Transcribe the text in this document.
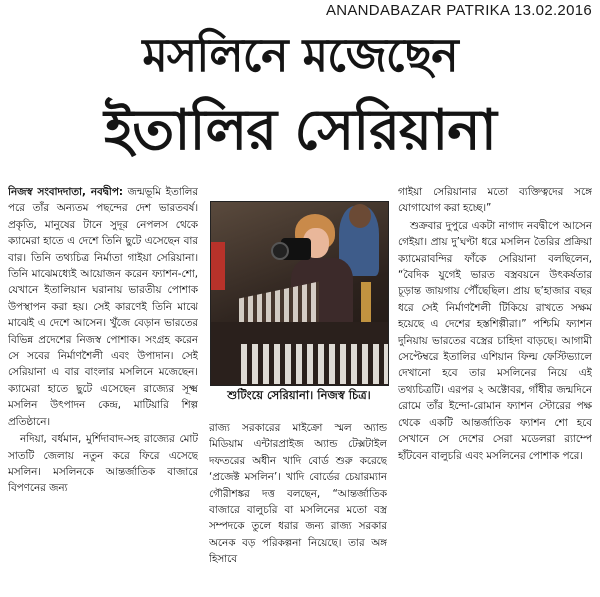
ANANDABAZAR PATRIKA 13.02.2016
মসলিনে মজেছেন
ইতালির সেরিয়ানা

নিজস্ব সংবাদদাতা, নবদ্বীপ: জন্মভূমি ইতালির পরে তাঁর অন্যতম পছন্দের দেশ ভারতবর্ষ। প্রকৃতি, মানুষের টানে সুদূর নেপলস থেকে ক্যামেরা হাতে এ দেশে তিনি ছুটে এসেছেন বার বার। তিনি তথ্যচিত্র নির্মাতা গাইয়া সেরিয়ানা। তিনি মাঝেমধ্যেই আয়োজন করেন ফ্যাশন-শো, যেখানে ইতালিয়ান ঘরানায় ভারতীয় পোশাক উপস্থাপন করা হয়। সেই কারণেই তিনি মাঝে মাঝেই এ দেশে আসেন। খুঁজে বেড়ান ভারতের বিভিন্ন প্রদেশের নিজস্ব পোশাক। সংগ্রহ করেন সে সবের নির্মাণশৈলী এবং উপাদান। সেই সেরিয়ানা এ বার বাংলার মসলিনে মজেছেন। ক্যামেরা হাতে ছুটে এসেছেন রাজ্যের সূক্ষ্ম মসলিন উৎপাদন কেন্দ্র, মাটিয়ারি শিল্প প্রতিষ্ঠানে।

নদিয়া, বর্ধমান, মুর্শিদাবাদ-সহ রাজ্যের মোট সাতটি জেলায় নতুন করে ফিরে এসেছে মসলিন। মসলিনকে আন্তর্জাতিক বাজারে বিপণনের জন্য

শুটিংয়ে সেরিয়ানা। নিজস্ব চিত্র।

রাজ্য সরকারের মাইক্রো স্মল অ্যান্ড মিডিয়াম এন্টারপ্রাইজ অ্যান্ড টেক্সটাইল দফতরের অধীন খাদি বোর্ড শুরু করেছে ‘প্রজেক্ট মসলিন’। খাদি বোর্ডের চেয়ারম্যান গৌরীশঙ্কর দত্ত বলছেন, “আন্তর্জাতিক বাজারে বালুচরি বা মসলিনের মতো বস্ত্র সম্পদকে তুলে ধরার জন্য রাজ্য সরকার অনেক বড় পরিকল্পনা নিয়েছে। তার অঙ্গ হিসাবে

গাইয়া সেরিয়ানার মতো ব্যক্তিত্বদের সঙ্গে যোগাযোগ করা হচ্ছে।”

শুক্রবার দুপুরে একটা নাগাদ নবদ্বীপে আসেন গেইয়া। প্রায় দু’ঘণ্টা ধরে মসলিন তৈরির প্রক্রিয়া ক্যামেরাবন্দির ফাঁকে সেরিয়ানা বলছিলেন, “বৈদিক যুগেই ভারত বস্ত্রবয়নে উৎকর্ষতার চূড়ান্ত জায়গায় পৌঁছেছিল। প্রায় ছ’হাজার বছর ধরে সেই নির্মাণশৈলী টিকিয়ে রাখতে সক্ষম হয়েছে এ দেশের হস্তশিল্পীরা।” পশ্চিমি ফ্যাশন দুনিয়ায় ভারতের বস্ত্রের চাহিদা বাড়ছে। আগামী সেপ্টেম্বরে ইতালির এশিয়ান ফিল্ম ফেস্টিভ্যালে দেখানো হবে তার মসলিনের নিয়ে এই তথ্যচিত্রটি। এরপর ২ অক্টোবর, গাঁধীর জন্মদিনে রোমে তাঁর ইন্দো-রোমান ফ্যাশন স্টোরের পক্ষ থেকে একটি আন্তর্জাতিক ফ্যাশন শো হবে সেখানে সে দেশের সেরা মডেলরা র‍্যাম্পে হাঁটবেন বালুচরি এবং মসলিনের পোশাক পরে।
